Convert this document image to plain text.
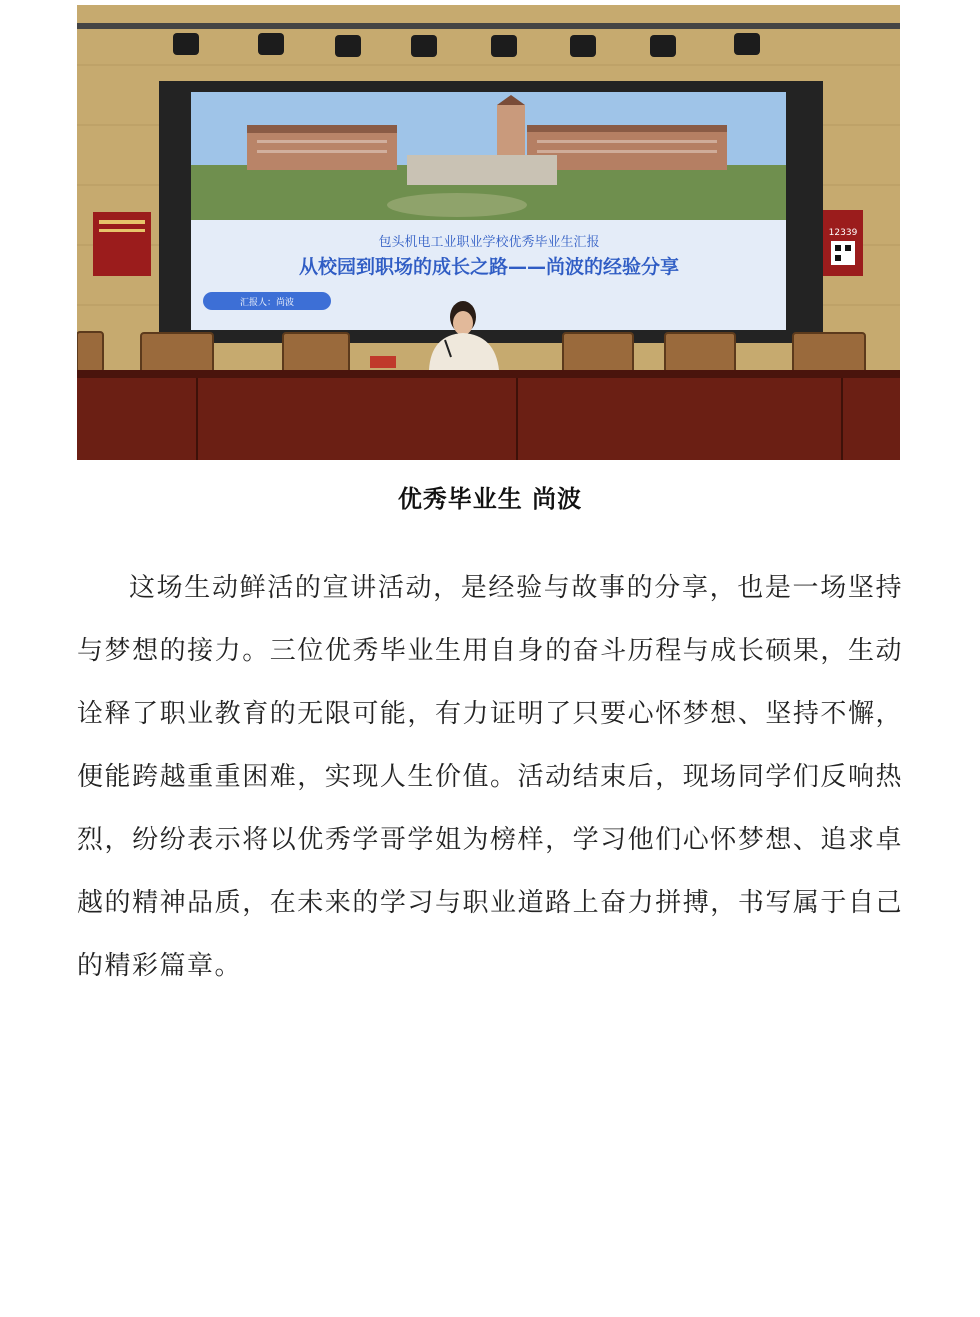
包头机电工业职业学校优秀毕业生汇报
从校园到职场的成长之路——尚波的经验分享
汇报人：尚波
12339
优秀毕业生 尚波

这场生动鲜活的宣讲活动，是经验与故事的分享，也是一场坚持与梦想的接力。三位优秀毕业生用自身的奋斗历程与成长硕果，生动诠释了职业教育的无限可能，有力证明了只要心怀梦想、坚持不懈，便能跨越重重困难，实现人生价值。活动结束后，现场同学们反响热烈，纷纷表示将以优秀学哥学姐为榜样，学习他们心怀梦想、追求卓越的精神品质，在未来的学习与职业道路上奋力拼搏，书写属于自己的精彩篇章。
